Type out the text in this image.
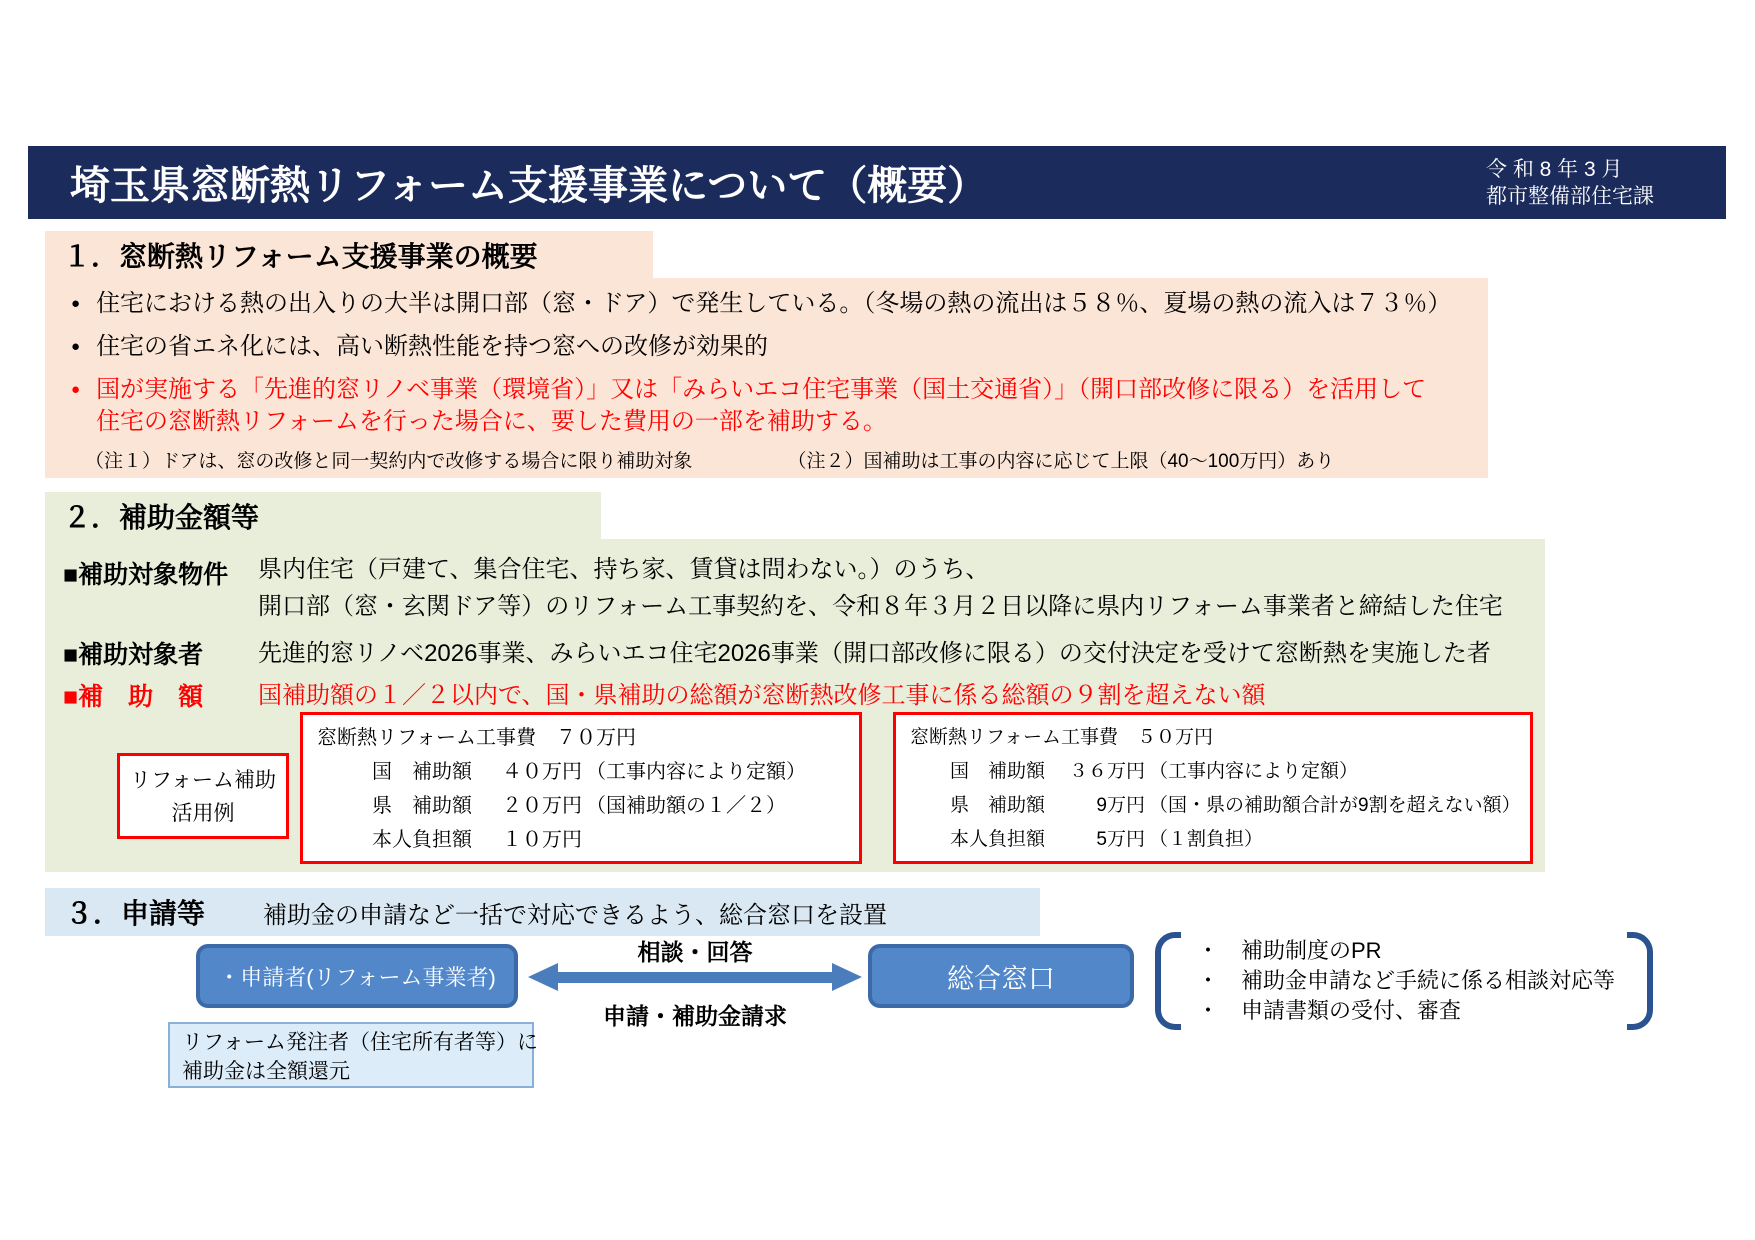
埼玉県窓断熱リフォーム支援事業について（概要）	令 和 8 年 3 月
都市整備部住宅課
１．窓断熱リフォーム支援事業の概要
● 住宅における熱の出入りの大半は開口部（窓・ドア）で発生している。（冬場の熱の流出は５８％、夏場の熱の流入は７３％）
● 住宅の省エネ化には、高い断熱性能を持つ窓への改修が効果的
● 国が実施する「先進的窓リノベ事業（環境省）」又は「みらいエコ住宅事業（国土交通省）」（開口部改修に限る）を活用して
住宅の窓断熱リフォームを行った場合に、要した費用の一部を補助する。
（注１）ドアは、窓の改修と同一契約内で改修する場合に限り補助対象	（注２）国補助は工事の内容に応じて上限（40～100万円）あり
２．補助金額等
■補助対象物件 県内住宅（戸建て、集合住宅、持ち家、賃貸は問わない。）のうち、
開口部（窓・玄関ドア等）のリフォーム工事契約を、令和８年３月２日以降に県内リフォーム事業者と締結した住宅
■補助対象者 先進的窓リノベ2026事業、みらいエコ住宅2026事業（開口部改修に限る）の交付決定を受けて窓断熱を実施した者
■補　助　額 国補助額の１／２以内で、国・県補助の総額が窓断熱改修工事に係る総額の９割を超えない額
リフォーム補助
活用例
窓断熱リフォーム工事費　７０万円
国　補助額 ４０万円 （工事内容により定額）
県　補助額 ２０万円 （国補助額の１／２）
本人負担額 １０万円
窓断熱リフォーム工事費　５０万円
国　補助額 ３６万円 （工事内容により定額）
県　補助額	9万円 （国・県の補助額合計が9割を超えない額）
本人負担額	5万円 （１割負担）
３．申請等 補助金の申請など一括で対応できるよう、総合窓口を設置
・申請者(リフォーム事業者)
相談・回答
申請・補助金請求
総合窓口
・　補助制度のPR
・　補助金申請など手続に係る相談対応等
・　申請書類の受付、審査
リフォーム発注者（住宅所有者等）に
補助金は全額還元
